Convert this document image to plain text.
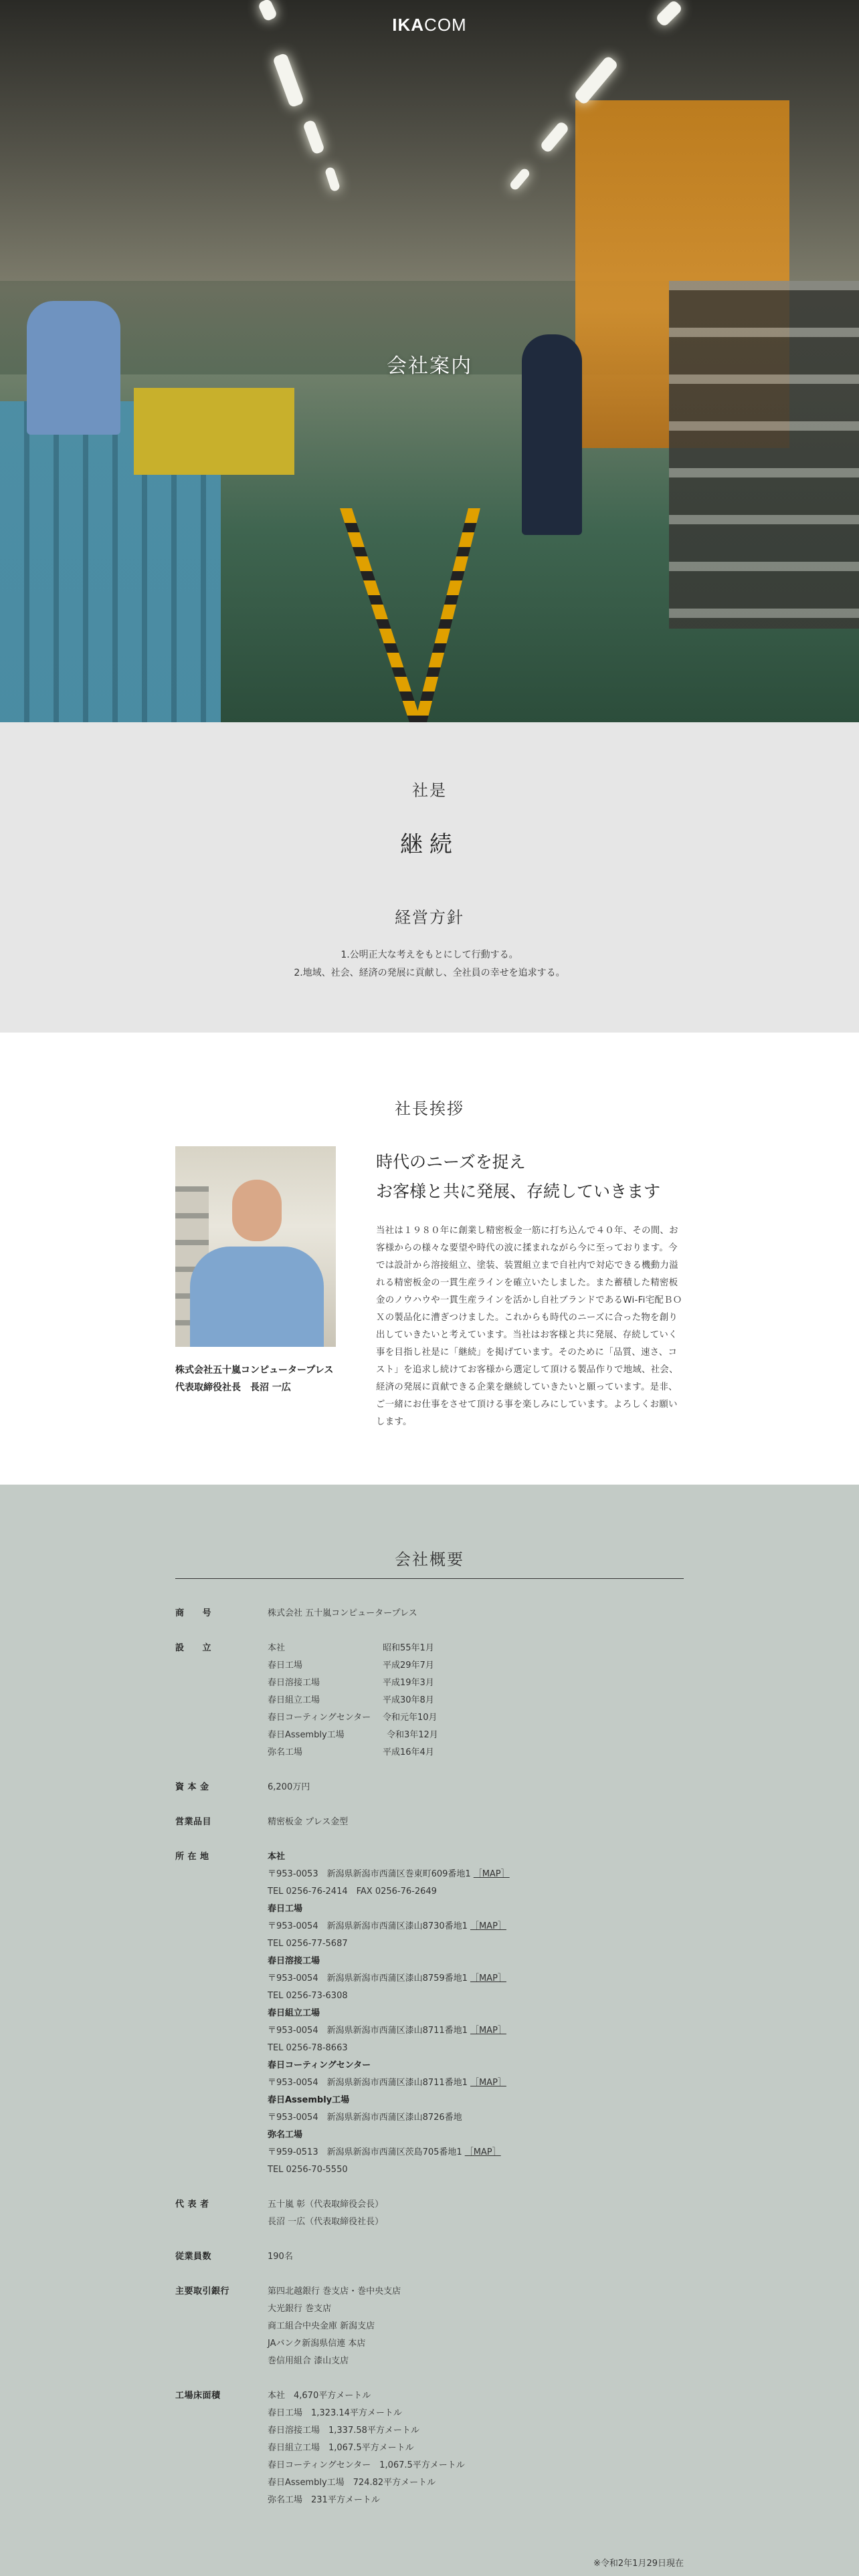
IKACOM
会社案内
社是
継続
経営方針
1.公明正大な考えをもとにして行動する。
2.地域、社会、経済の発展に貢献し、全社員の幸せを追求する。
社長挨拶
株式会社五十嵐コンピュータープレス
代表取締役社長　長沼 一広
時代のニーズを捉え
お客様と共に発展、存続していきます

当社は１９８０年に創業し精密板金一筋に打ち込んで４０年、その間、お客様からの様々な要望や時代の波に揉まれながら今に至っております。今では設計から溶接組立、塗装、装置組立まで自社内で対応できる機動力溢れる精密板金の一貫生産ラインを確立いたしました。また蓄積した精密板金のノウハウや一貫生産ラインを活かし自社ブランドであるWi-Fi宅配ＢＯＸの製品化に漕ぎつけました。これからも時代のニーズに合った物を創り出していきたいと考えています。当社はお客様と共に発展、存続していく事を目指し社是に「継続」を掲げています。そのために「品質、速さ、コスト」を追求し続けてお客様から選定して頂ける製品作りで地域、社会、経済の発展に貢献できる企業を継続していきたいと願っています。是非、ご一緒にお仕事をさせて頂ける事を楽しみにしています。よろしくお願いします。

会社概要
商　　号	株式会社 五十嵐コンピュータープレス
設　　立	本社	昭和55年1月
春日工場	平成29年7月
春日溶接工場	平成19年3月
春日組立工場	平成30年8月
春日コーティングセンター	令和元年10月
春日Assembly工場	令和3年12月
弥名工場	平成16年4月
資 本 金	6,200万円
営業品目	精密板金 プレス金型
所 在 地	本社
〒953-0053　新潟県新潟市西蒲区巻東町609番地1 ［MAP］
TEL 0256-76-2414　FAX 0256-76-2649
春日工場
〒953-0054　新潟県新潟市西蒲区漆山8730番地1 ［MAP］
TEL 0256-77-5687
春日溶接工場
〒953-0054　新潟県新潟市西蒲区漆山8759番地1 ［MAP］
TEL 0256-73-6308
春日組立工場
〒953-0054　新潟県新潟市西蒲区漆山8711番地1 ［MAP］
TEL 0256-78-8663
春日コーティングセンター
〒953-0054　新潟県新潟市西蒲区漆山8711番地1 ［MAP］
春日Assembly工場
〒953-0054　新潟県新潟市西蒲区漆山8726番地
弥名工場
〒959-0513　新潟県新潟市西蒲区茨島705番地1 ［MAP］
TEL 0256-70-5550
代 表 者	五十嵐 彰（代表取締役会長）
長沼 一広（代表取締役社長）
従業員数	190名
主要取引銀行	第四北越銀行 巻支店・巻中央支店
大光銀行 巻支店
商工組合中央金庫 新潟支店
JAバンク新潟県信連 本店
巻信用組合 漆山支店
工場床面積	本社　4,670平方メートル
春日工場　1,323.14平方メートル
春日溶接工場　1,337.58平方メートル
春日組立工場　1,067.5平方メートル
春日コーティングセンター　1,067.5平方メートル
春日Assembly工場　724.82平方メートル
弥名工場　231平方メートル
※令和2年1月29日現在
